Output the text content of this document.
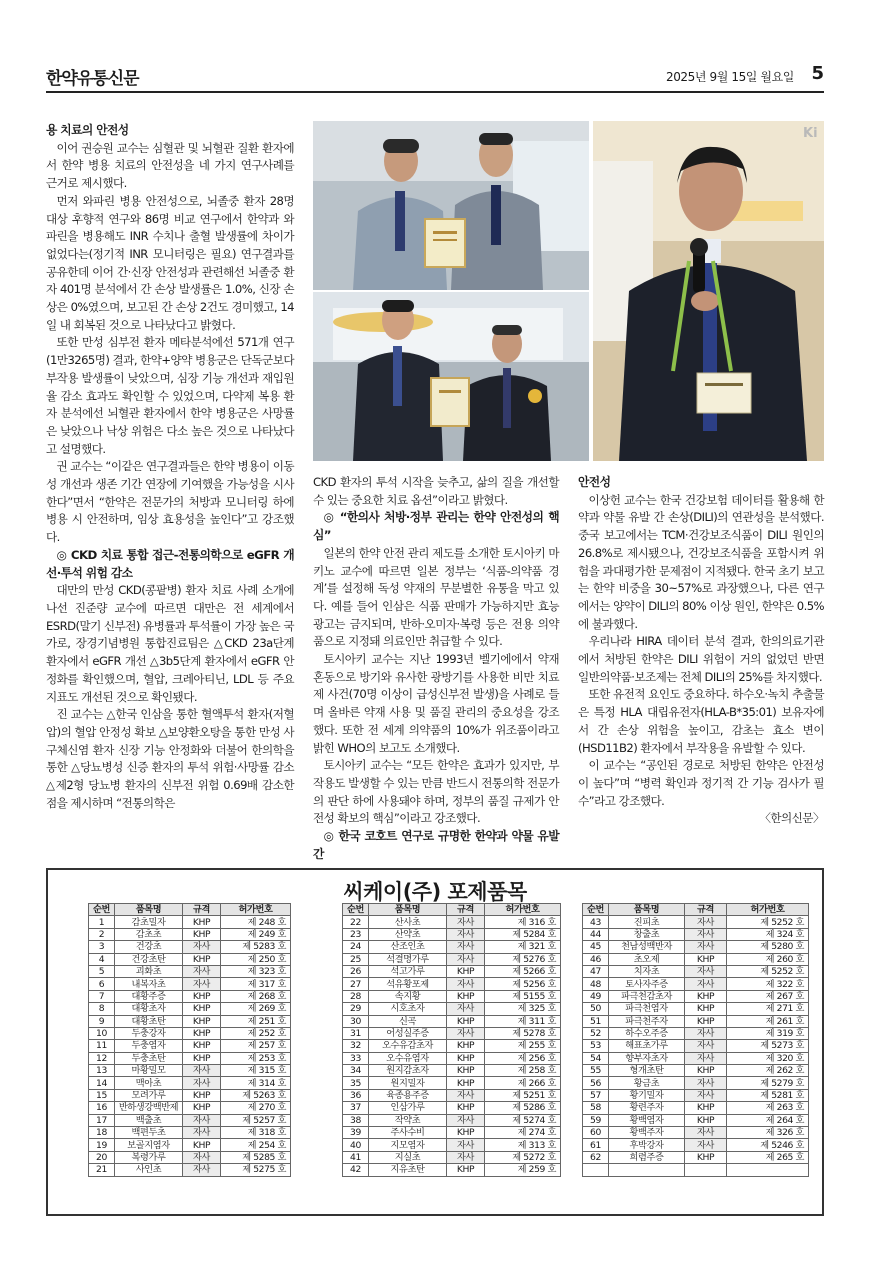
한약유통신문	2025년 9월 15일 월요일 5
용 치료의 안전성

이어 권승원 교수는 심혈관 및 뇌혈관 질환 환자에서 한약 병용 치료의 안전성을 네 가지 연구사례를 근거로 제시했다.

먼저 와파린 병용 안전성으로, 뇌졸중 환자 28명 대상 후향적 연구와 86명 비교 연구에서 한약과 와파린을 병용해도 INR 수치나 출혈 발생률에 차이가 없었다는(정기적 INR 모니터링은 필요) 연구결과를 공유한데 이어 간·신장 안전성과 관련해선 뇌졸중 환자 401명 분석에서 간 손상 발생률은 1.0%, 신장 손상은 0%였으며, 보고된 간 손상 2건도 경미했고, 14일 내 회복된 것으로 나타났다고 밝혔다.

또한 만성 심부전 환자 메타분석에선 571개 연구(1만3265명) 결과, 한약+양약 병용군은 단독군보다 부작용 발생률이 낮았으며, 심장 기능 개선과 재입원율 감소 효과도 확인할 수 있었으며, 다약제 복용 환자 분석에선 뇌혈관 환자에서 한약 병용군은 사망률은 낮았으나 낙상 위험은 다소 높은 것으로 나타났다고 설명했다.

권 교수는 “이같은 연구결과들은 한약 병용이 이동성 개선과 생존 기간 연장에 기여했을 가능성을 시사한다”면서 “한약은 전문가의 처방과 모니터링 하에 병용 시 안전하며, 임상 효용성을 높인다”고 강조했다.

◎ CKD 치료 통합 접근-전통의학으로 eGFR 개선·투석 위험 감소

대만의 만성 CKD(콩팥병) 환자 치료 사례 소개에 나선 진준량 교수에 따르면 대만은 전 세계에서 ESRD(말기 신부전) 유병률과 투석률이 가장 높은 국가로, 장경기념병원 통합진료팀은 △CKD 23a단계 환자에서 eGFR 개선 △3b5단계 환자에서 eGFR 안정화를 확인했으며, 혈압, 크레아티닌, LDL 등 주요 지표도 개선된 것으로 확인됐다.

진 교수는 △한국 인삼을 통한 혈액투석 환자(저혈압)의 혈압 안정성 확보 △보양환오탕을 통한 만성 사구체신염 환자 신장 기능 안정화와 더불어 한의학을 통한 △당뇨병성 신증 환자의 투석 위험·사망률 감소 △제2형 당뇨병 환자의 신부전 위험 0.69배 감소한 점을 제시하며 “전통의학은

Ki

CKD 환자의 투석 시작을 늦추고, 삶의 질을 개선할 수 있는 중요한 치료 옵션”이라고 밝혔다.

◎ “한의사 처방·정부 관리는 한약 안전성의 핵심”

일본의 한약 안전 관리 제도를 소개한 토시아키 마키노 교수에 따르면 일본 정부는 ‘식품-의약품 경계’를 설정해 독성 약재의 무분별한 유통을 막고 있다. 예를 들어 인삼은 식품 판매가 가능하지만 효능 광고는 금지되며, 반하·오미자·복령 등은 전용 의약품으로 지정돼 의료인만 취급할 수 있다.

토시아키 교수는 지난 1993년 벨기에에서 약재 혼동으로 방기와 유사한 광방기를 사용한 비만 치료제 사건(70명 이상이 급성신부전 발생)을 사례로 들며 올바른 약재 사용 및 품질 관리의 중요성을 강조했다. 또한 전 세계 의약품의 10%가 위조품이라고 밝힌 WHO의 보고도 소개했다.

토시아키 교수는 “모든 한약은 효과가 있지만, 부작용도 발생할 수 있는 만큼 반드시 전통의학 전문가의 판단 하에 사용돼야 하며, 정부의 품질 규제가 안전성 확보의 핵심”이라고 강조했다.

◎ 한국 코호트 연구로 규명한 한약과 약물 유발 간
안전성

이상헌 교수는 한국 건강보험 데이터를 활용해 한약과 약물 유발 간 손상(DILI)의 연관성을 분석했다. 중국 보고에서는 TCM·건강보조식품이 DILI 원인의 26.8%로 제시됐으나, 건강보조식품을 포함시켜 위험을 과대평가한 문제점이 지적됐다. 한국 초기 보고는 한약 비중을 30~57%로 과장했으나, 다른 연구에서는 양약이 DILI의 80% 이상 원인, 한약은 0.5%에 불과했다.

우리나라 HIRA 데이터 분석 결과, 한의의료기관에서 처방된 한약은 DILI 위험이 거의 없었던 반면 일반의약품·보조제는 전체 DILI의 25%를 차지했다.

또한 유전적 요인도 중요하다. 하수오·녹치 추출물은 특정 HLA 대립유전자(HLA-B*35:01) 보유자에서 간 손상 위험을 높이고, 감초는 효소 변이(HSD11B2) 환자에서 부작용을 유발할 수 있다.

이 교수는 “공인된 경로로 처방된 한약은 안전성이 높다”며 “병력 확인과 정기적 간 기능 검사가 필수”라고 강조했다.

〈한의신문〉
씨케이(주) 포제품목
순번	품목명	규격	허가번호
1	감초밀자	KHP	제 248 호
2	감초초	KHP	제 249 호
3	건강초	자사	제 5283 호
4	건강초탄	KHP	제 250 호
5	괴화초	자사	제 323 호
6	내복자초	자사	제 317 호
7	대황주증	KHP	제 268 호
8	대황초자	KHP	제 269 호
9	대황초탄	KHP	제 251 호
10	두충강자	KHP	제 252 호
11	두충염자	KHP	제 257 호
12	두충초탄	KHP	제 253 호
13	마황밀모	자사	제 315 호
14	맥아초	자사	제 314 호
15	모려가루	KHP	제 5263 호
16	반하생강백반제	KHP	제 270 호
17	백출초	자사	제 5257 호
18	백편두초	자사	제 318 호
19	보골지염자	KHP	제 254 호
20	복령가루	자사	제 5285 호
21	사인초	자사	제 5275 호
순번	품목명	규격	허가번호
22	산사초	자사	제 316 호
23	산약초	자사	제 5284 호
24	산조인초	자사	제 321 호
25	석결명가루	자사	제 5276 호
26	석고가루	KHP	제 5266 호
27	석유황포제	자사	제 5256 호
28	속지황	KHP	제 5155 호
29	시호초자	자사	제 325 호
30	신곡	KHP	제 311 호
31	어성실주증	자사	제 5278 호
32	오수유감초자	KHP	제 255 호
33	오수유염자	KHP	제 256 호
34	원지감초자	KHP	제 258 호
35	원지밀자	KHP	제 266 호
36	육종용주증	자사	제 5251 호
37	인삼가루	KHP	제 5286 호
38	작약초	자사	제 5274 호
39	주사수비	KHP	제 274 호
40	지모염자	자사	제 313 호
41	지실초	자사	제 5272 호
42	지유초탄	KHP	제 259 호
순번	품목명	규격	허가번호
43	진피초	자사	제 5252 호
44	창출초	자사	제 324 호
45	천남성백반자	자사	제 5280 호
46	초오제	KHP	제 260 호
47	치자초	자사	제 5252 호
48	토사자주증	자사	제 322 호
49	파극천감초자	KHP	제 267 호
50	파극천염자	KHP	제 271 호
51	파극천주자	KHP	제 261 호
52	하수오주증	자사	제 319 호
53	해표초가루	자사	제 5273 호
54	향부자초자	자사	제 320 호
55	형개초탄	KHP	제 262 호
56	황금초	자사	제 5279 호
57	황기밀자	자사	제 5281 호
58	황련주자	KHP	제 263 호
59	황백염자	KHP	제 264 호
60	황백주자	자사	제 326 호
61	후박강자	자사	제 5246 호
62	희렴주증	KHP	제 265 호
